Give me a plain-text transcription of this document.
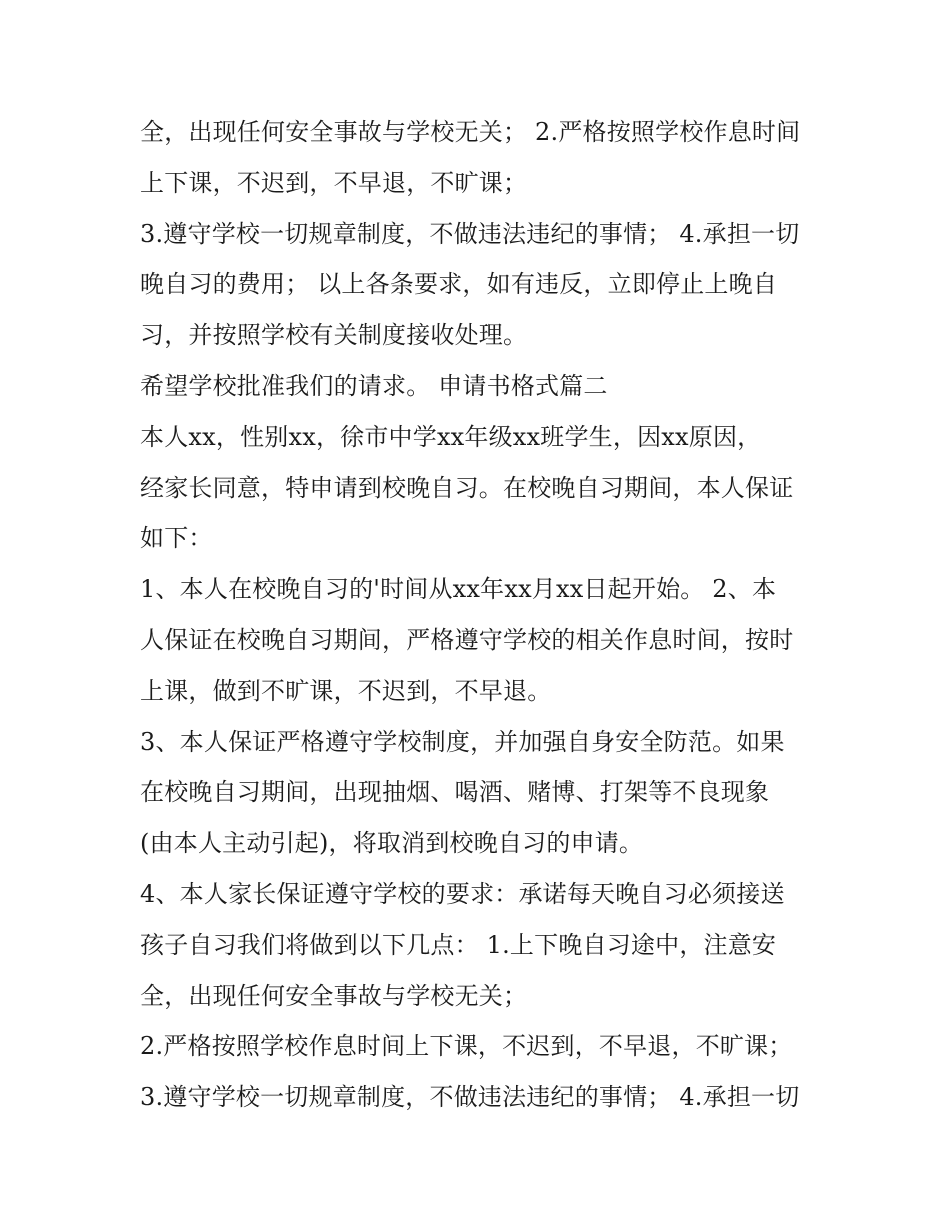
全，出现任何安全事故与学校无关； 2.严格按照学校作息时间
上下课，不迟到，不早退，不旷课；
3.遵守学校一切规章制度，不做违法违纪的事情； 4.承担一切
晚自习的费用； 以上各条要求，如有违反，立即停止上晚自
习，并按照学校有关制度接收处理。
希望学校批准我们的请求。 申请书格式篇二
本人xx，性别xx，徐市中学xx年级xx班学生，因xx原因，
经家长同意，特申请到校晚自习。在校晚自习期间，本人保证
如下：
1、本人在校晚自习的'时间从xx年xx月xx日起开始。 2、本
人保证在校晚自习期间，严格遵守学校的相关作息时间，按时
上课，做到不旷课，不迟到，不早退。
3、本人保证严格遵守学校制度，并加强自身安全防范。如果
在校晚自习期间，出现抽烟、喝酒、赌博、打架等不良现象
(由本人主动引起)，将取消到校晚自习的申请。
4、本人家长保证遵守学校的要求：承诺每天晚自习必须接送
孩子自习我们将做到以下几点： 1.上下晚自习途中，注意安
全，出现任何安全事故与学校无关；
2.严格按照学校作息时间上下课，不迟到，不早退，不旷课；
3.遵守学校一切规章制度，不做违法违纪的事情； 4.承担一切
